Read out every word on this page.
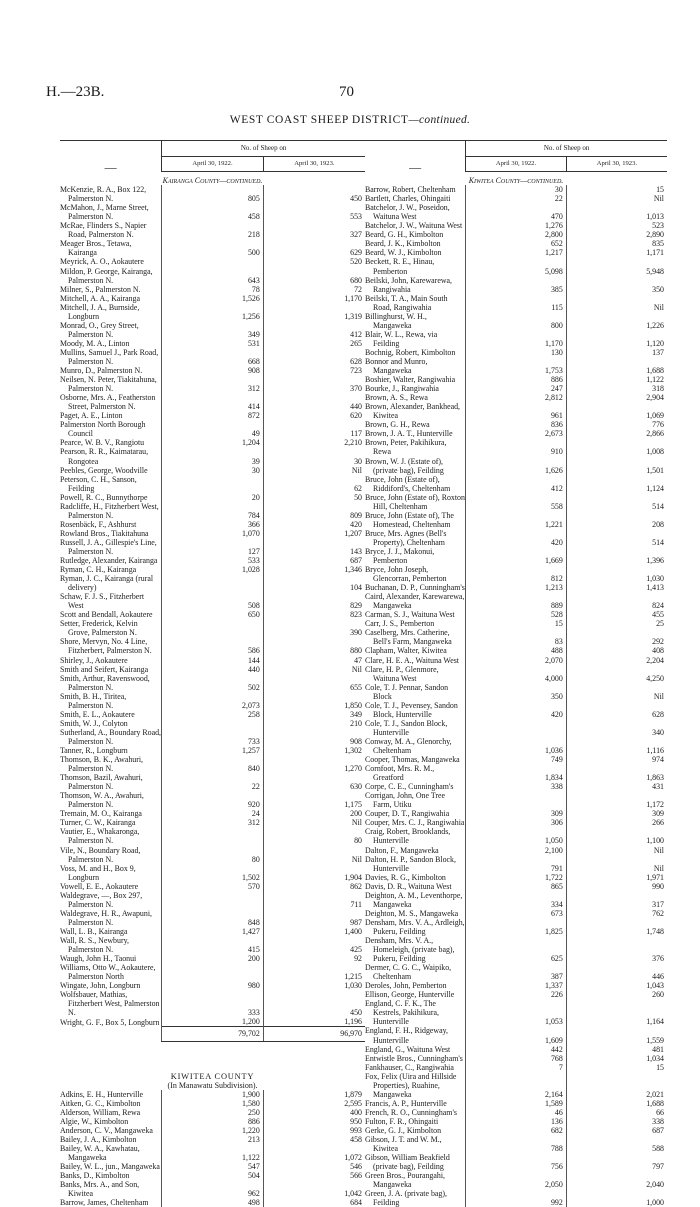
H.—23B.	70
WEST COAST SHEEP DISTRICT—continued.
—	No. of Sheep on	
	April 30, 1922.	April 30, 1923.
Kairanga County—continued.		
McKenzie, R. A., Box 122, Palmerston N.	805	450
McMahon, J., Marne Street, Palmerston N.	458	553
McRae, Flinders S., Napier Road, Palmerston N.	218	327
Meager Bros., Tetawa, Kairanga	500	629
Meyrick, A. O., Aokautere		520
Mildon, P. George, Kairanga, Palmerston N.	643	680
Milner, S., Palmerston N.	78	72
Mitchell, A. A., Kairanga	1,526	1,170
Mitchell, J. A., Burnside, Longburn	1,256	1,319
Monrad, O., Grey Street, Palmerston N.	349	412
Moody, M. A., Linton	531	265
Mullins, Samuel J., Park Road, Palmerston N.	668	628
Munro, D., Palmerston N.	908	723
Neilsen, N. Peter, Tiakitahuna, Palmerston N.	312	370
Osborne, Mrs. A., Featherston Street, Palmerston N.	414	440
Paget, A. E., Linton	872	620
Palmerston North Borough Council	49	117
Pearce, W. B. V., Rangiotu	1,204	2,210
Pearson, R. R., Kaimatarau, Rongotea	39	30
Peebles, George, Woodville	30	Nil
Peterson, C. H., Sanson, Feilding		62
Powell, R. C., Bunnythorpe	20	50
Radcliffe, H., Fitzherbert West, Palmerston N.	784	809
Rosenbäck, F., Ashhurst	366	420
Rowland Bros., Tiakitahuna	1,070	1,207
Russell, J. A., Gillespie's Line, Palmerston N.	127	143
Rutledge, Alexander, Kairanga	533	687
Ryman, C. H., Kairanga	1,028	1,346
Ryman, J. C., Kairanga (rural delivery)		104
Schaw, F. J. S., Fitzherbert West	508	829
Scott and Bendall, Aokautere	650	823
Setter, Frederick, Kelvin Grove, Palmerston N.		390
Shore, Mervyn, No. 4 Line, Fitzherbert, Palmerston N.	586	880
Shirley, J., Aokautere	144	47
Smith and Seifert, Kairanga	440	Nil
Smith, Arthur, Ravenswood, Palmerston N.	502	655
Smith, B. H., Tiritea, Palmerston N.	2,073	1,850
Smith, E. L., Aokautere	258	349
Smith, W. J., Colyton		210
Sutherland, A., Boundary Road, Palmerston N.	733	908
Tanner, R., Longburn	1,257	1,302
Thomson, B. K., Awahuri, Palmerston N.	840	1,270
Thomson, Bazil, Awahuri, Palmerston N.	22	630
Thomson, W. A., Awahuri, Palmerston N.	920	1,175
Tremain, M. O., Kairanga	24	200
Turner, C. W., Kairanga	312	Nil
Vautier, E., Whakaronga, Palmerston N.		80
Vile, N., Boundary Road, Palmerston N.	80	Nil
Voss, M. and H., Box 9, Longburn	1,502	1,904
Vowell, E. E., Aokautere	570	862
Waldegrave, —, Box 297, Palmerston N.		711
Waldegrave, H. R., Awapuni, Palmerston N.	848	987
Wall, L. B., Kairanga	1,427	1,400
Wall, R. S., Newbury, Palmerston N.	415	425
Waugh, John H., Taonui	200	92
Williams, Otto W., Aokautere, Palmerston North		1,215
Wingate, John, Longburn	980	1,030
Wolfsbauer, Mathias, Fitzherbert West, Palmerston N.	333	450
Wright, G. F., Box 5, Longburn	1,200	1,196
	79,702	96,970

KIWITEA COUNTY		
(In Manawatu Subdivision).		
Adkins, E. H., Hunterville	1,900	1,879
Aitken, G. C., Kimbolton	1,580	2,595
Alderson, William, Rewa	250	400
Algie, W., Kimbolton	886	950
Anderson, C. V., Mangaweka	1,220	993
Bailey, J. A., Kimbolton	213	458
Bailey, W. A., Kawhatau, Mangaweka	1,122	1,072
Bailey, W. L., jun., Mangaweka	547	546
Banks, D., Kimbolton	504	566
Banks, Mrs. A., and Son, Kiwitea	962	1,042
Barrow, James, Cheltenham	498	684
—	No. of Sheep on	
	April 30, 1922.	April 30, 1923.
Kiwitea County—continued.		
Barrow, Robert, Cheltenham	30	15
Bartlett, Charles, Ohingaiti	22	Nil
Batchelor, J. W., Poseidon, Waituna West	470	1,013
Batchelor, J. W., Waituna West	1,276	523
Beard, G. H., Kimbolton	2,800	2,890
Beard, J. K., Kimbolton	652	835
Beard, W. J., Kimbolton	1,217	1,171
Beckett, R. E., Hinau, Pemberton	5,098	5,948
Beilski, John, Karewarewa, Rangiwahia	385	350
Beilski, T. A., Main South Road, Rangiwahia	115	Nil
Billinghurst, W. H., Mangaweka	800	1,226
Blair, W. L., Rewa, via Feilding	1,170	1,120
Bochnig, Robert, Kimbolton	130	137
Bonnor and Munro, Mangaweka	1,753	1,688
Boshier, Walter, Rangiwahia	886	1,122
Bourke, J., Rangiwahia	247	318
Brown, A. S., Rewa	2,812	2,904
Brown, Alexander, Bankhead, Kiwitea	961	1,069
Brown, G. H., Rewa	836	776
Brown, J. A. T., Hunterville	2,673	2,866
Brown, Peter, Pakihikura, Rewa	910	1,008
Brown, W. J. (Estate of), (private bag), Feilding	1,626	1,501
Bruce, John (Estate of), Riddiford's, Cheltenham	412	1,124
Bruce, John (Estate of), Roxton Hill, Cheltenham	558	514
Bruce, John (Estate of), The Homestead, Cheltenham	1,221	208
Bruce, Mrs. Agnes (Bell's Property), Cheltenham	420	514
Bryce, J. J., Makonui, Pemberton	1,669	1,396
Bryce, John Joseph, Glencorran, Pemberton	812	1,030
Buchanan, D. P., Cunningham's	1,213	1,413
Caird, Alexander, Karewarewa, Mangaweka	889	824
Carman, S. J., Waituna West	528	455
Carr, J. S., Pemberton	15	25
Caselberg, Mrs. Catherine, Bell's Farm, Mangaweka	83	292
Clapham, Walter, Kiwitea	488	408
Clare, H. E. A., Waituna West	2,070	2,204
Clare, H. P., Glenmore, Waituna West	4,000	4,250
Cole, T. J. Pennar, Sandon Block	350	Nil
Cole, T. J., Pevensey, Sandon Block, Hunterville	420	628
Cole, T. J., Sandon Block, Hunterville		340
Conway, M. A., Glenorchy, Cheltenham	1,036	1,116
Cooper, Thomas, Mangaweka	749	974
Cornfoot, Mrs. R. M., Greatford	1,834	1,863
Corpe, C. E., Cunningham's	338	431
Corrigan, John, One Tree Farm, Utiku		1,172
Couper, D. T., Rangiwahia	309	309
Couper, Mrs. C. J., Rangiwahia	306	266
Craig, Robert, Brooklands, Hunterville	1,050	1,100
Dalton, F., Mangaweka	2,100	Nil
Dalton, H. P., Sandon Block, Hunterville	791	Nil
Davies, R. G., Kimbolton	1,722	1,971
Davis, D. R., Waituna West	865	990
Deighton, A. M., Leventhorpe, Mangaweka	334	317
Deighton, M. S., Mangaweka	673	762
Densham, Mrs. V. A., Ardleigh, Pukeru, Feilding	1,825	1,748
Densham, Mrs. V. A., Homeleigh, (private bag), Pukeru, Feilding	625	376
Dermer, C. G. C., Waipiko, Cheltenham	387	446
Deroles, John, Pemberton	1,337	1,043
Ellison, George, Hunterville	226	260
England, C. F. K., The Kestrels, Pakihikura, Hunterville	1,053	1,164
England, F. H., Ridgeway, Hunterville	1,609	1,559
England, G., Waituna West	442	481
Entwistle Bros., Cunningham's	768	1,034
Fankhauser, C., Rangiwahia	7	15
Fox, Felix (Uira and Hillside Properties), Ruahine, Mangaweka	2,164	2,021
Francis, A. P., Hunterville	1,589	1,688
French, R. O., Cunningham's	46	66
Fulton, F. R., Ohingaiti	136	338
Gerke, G. J., Kimbolton	682	687
Gibson, J. T. and W. M., Kiwitea	788	588
Gibson, William Beakfield (private bag), Feilding	756	797
Green Bros., Pourangahi, Mangaweka	2,050	2,040
Green, J. A. (private bag), Feilding	992	1,000
